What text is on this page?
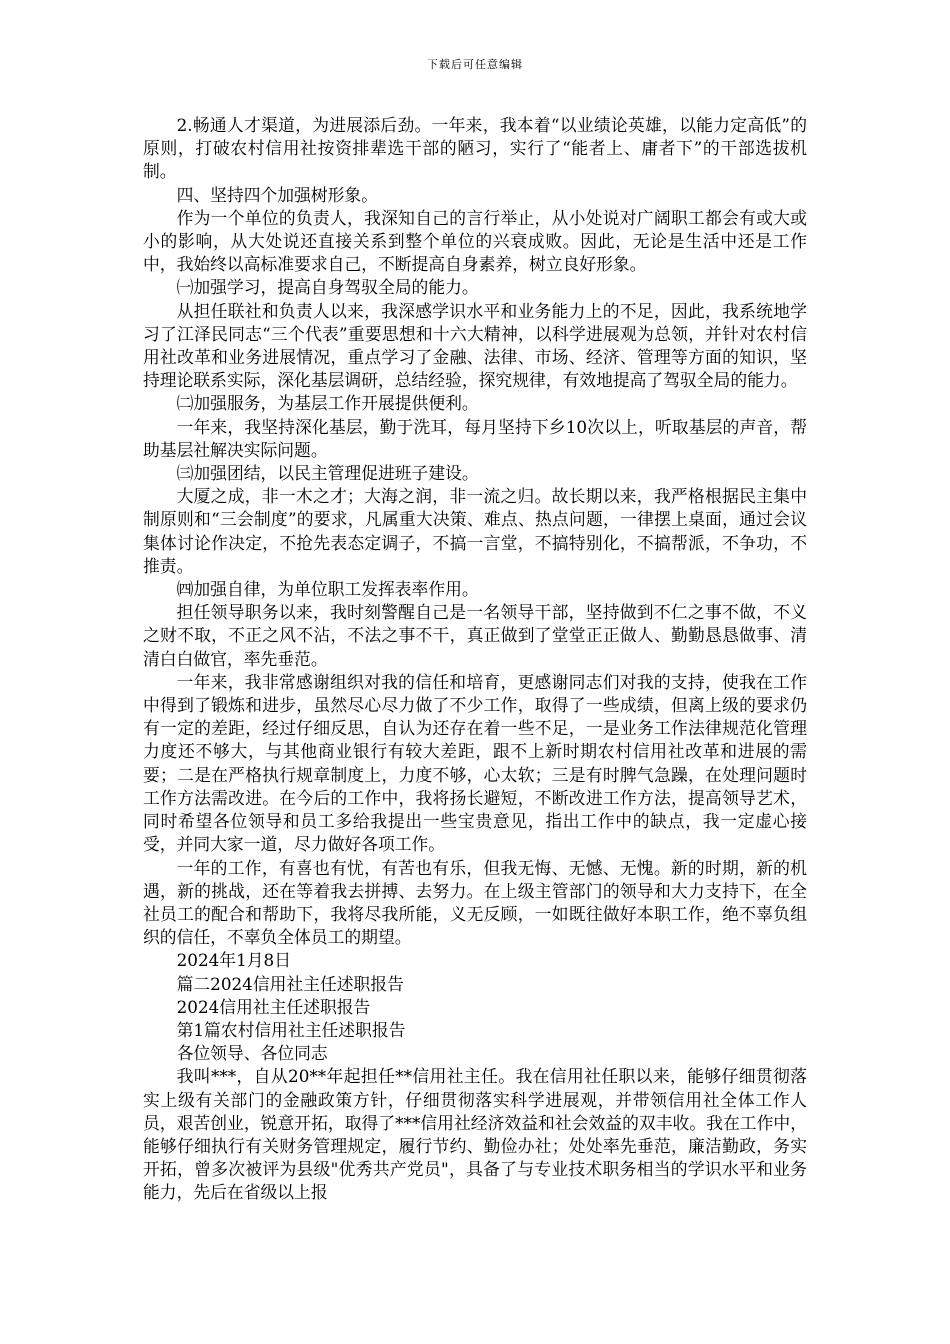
下载后可任意编辑

2.畅通人才渠道，为进展添后劲。一年来，我本着“以业绩论英雄，以能力定高低”的原则，打破农村信用社按资排辈选干部的陋习，实行了“能者上、庸者下”的干部选拔机制。

四、坚持四个加强树形象。

作为一个单位的负责人，我深知自己的言行举止，从小处说对广阔职工都会有或大或小的影响，从大处说还直接关系到整个单位的兴衰成败。因此，无论是生活中还是工作中，我始终以高标准要求自己，不断提高自身素养，树立良好形象。

㈠加强学习，提高自身驾驭全局的能力。

从担任联社和负责人以来，我深感学识水平和业务能力上的不足，因此，我系统地学习了江泽民同志“三个代表”重要思想和十六大精神，以科学进展观为总领，并针对农村信用社改革和业务进展情况，重点学习了金融、法律、市场、经济、管理等方面的知识，坚持理论联系实际，深化基层调研，总结经验，探究规律，有效地提高了驾驭全局的能力。

㈡加强服务，为基层工作开展提供便利。

一年来，我坚持深化基层，勤于洗耳，每月坚持下乡10次以上，听取基层的声音，帮助基层社解决实际问题。

㈢加强团结，以民主管理促进班子建设。

大厦之成，非一木之才；大海之润，非一流之归。故长期以来，我严格根据民主集中制原则和“三会制度”的要求，凡属重大决策、难点、热点问题，一律摆上桌面，通过会议集体讨论作决定，不抢先表态定调子，不搞一言堂，不搞特别化，不搞帮派，不争功，不推责。

㈣加强自律，为单位职工发挥表率作用。

担任领导职务以来，我时刻警醒自己是一名领导干部，坚持做到不仁之事不做，不义之财不取，不正之风不沾，不法之事不干，真正做到了堂堂正正做人、勤勤恳恳做事、清清白白做官，率先垂范。

一年来，我非常感谢组织对我的信任和培育，更感谢同志们对我的支持，使我在工作中得到了锻炼和进步，虽然尽心尽力做了不少工作，取得了一些成绩，但离上级的要求仍有一定的差距，经过仔细反思，自认为还存在着一些不足，一是业务工作法律规范化管理力度还不够大，与其他商业银行有较大差距，跟不上新时期农村信用社改革和进展的需要；二是在严格执行规章制度上，力度不够，心太软；三是有时脾气急躁，在处理问题时工作方法需改进。在今后的工作中，我将扬长避短，不断改进工作方法，提高领导艺术，同时希望各位领导和员工多给我提出一些宝贵意见，指出工作中的缺点，我一定虚心接受，并同大家一道，尽力做好各项工作。

一年的工作，有喜也有忧，有苦也有乐，但我无悔、无憾、无愧。新的时期，新的机遇，新的挑战，还在等着我去拼搏、去努力。在上级主管部门的领导和大力支持下，在全社员工的配合和帮助下，我将尽我所能，义无反顾，一如既往做好本职工作，绝不辜负组织的信任，不辜负全体员工的期望。

2024年1月8日

篇二2024信用社主任述职报告

2024信用社主任述职报告

第1篇农村信用社主任述职报告

各位领导、各位同志

我叫***，自从20**年起担任**信用社主任。我在信用社任职以来，能够仔细贯彻落实上级有关部门的金融政策方针，仔细贯彻落实科学进展观，并带领信用社全体工作人员，艰苦创业，锐意开拓，取得了***信用社经济效益和社会效益的双丰收。我在工作中，能够仔细执行有关财务管理规定，履行节约、勤俭办社；处处率先垂范，廉洁勤政，务实开拓，曾多次被评为县级"优秀共产党员"，具备了与专业技术职务相当的学识水平和业务能力，先后在省级以上报
